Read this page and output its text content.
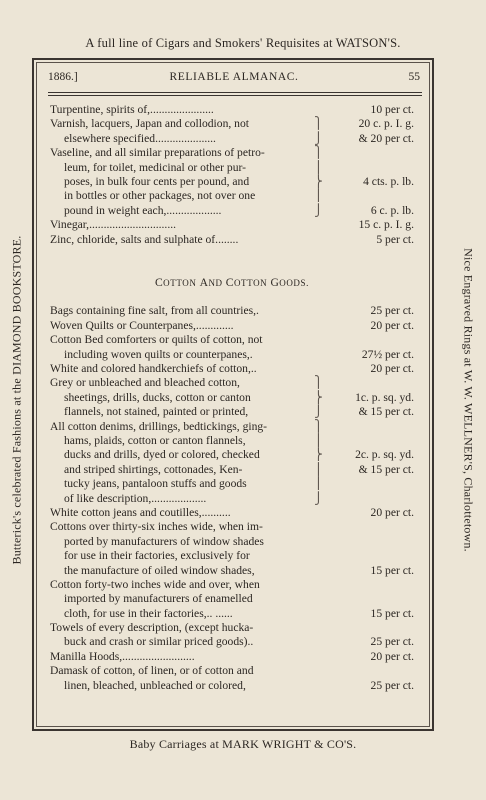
A full line of Cigars and Smokers' Requisites at WATSON'S.
Butterick's celebrated Fashions at the DIAMOND BOOKSTORE.	Nice Engraved Rings at W. W. WELLNER'S, Charlottetown.
Baby Carriages at MARK WRIGHT & CO'S.
1886.]	RELIABLE ALMANAC.	55
Turpentine, spirits of,......................	10 per ct.
Varnish, lacquers, Japan and collodion, not	⎫	20 c. p. I. g.
elsewhere specified.....................	⎭	& 20 per ct.
Vaseline, and all similar preparations of petro-	⎫
leum, for toilet, medicinal or other pur-	⎪
poses, in bulk four cents per pound, and	⎬	4 cts. p. lb.
in bottles or other packages, not over one	⎪
pound in weight each,...................	⎭	6 c. p. lb.
Vinegar,..............................	15 c. p. I. g.
Zinc, chloride, salts and sulphate of........	5 per ct.
COTTON AND COTTON GOODS.
Bags containing fine salt, from all countries,.	25 per ct.
Woven Quilts or Counterpanes,.............	20 per ct.
Cotton Bed comforters or quilts of cotton, not
including woven quilts or counterpanes,.	27½ per ct.
White and colored handkerchiefs of cotton,..	20 per ct.
Grey or unbleached and bleached cotton,	⎫
sheetings, drills, ducks, cotton or canton	⎬	1c. p. sq. yd.
flannels, not stained, painted or printed,	⎭	& 15 per ct.
All cotton denims, drillings, bedtickings, ging-	⎫
hams, plaids, cotton or canton flannels,	⎪
ducks and drills, dyed or colored, checked	⎬	2c. p. sq. yd.
and striped shirtings, cottonades, Ken-	⎪	& 15 per ct.
tucky jeans, pantaloon stuffs and goods	⎪
of like description,...................	⎭
White cotton jeans and coutilles,..........	20 per ct.
Cottons over thirty-six inches wide, when im-
ported by manufacturers of window shades
for use in their factories, exclusively for
the manufacture of oiled window shades,	15 per ct.
Cotton forty-two inches wide and over, when
imported by manufacturers of enamelled
cloth, for use in their factories,.. ......	15 per ct.
Towels of every description, (except hucka-
buck and crash or similar priced goods)..	25 per ct.
Manilla Hoods,.........................	20 per ct.
Damask of cotton, of linen, or of cotton and
linen, bleached, unbleached or colored,	25 per ct.
